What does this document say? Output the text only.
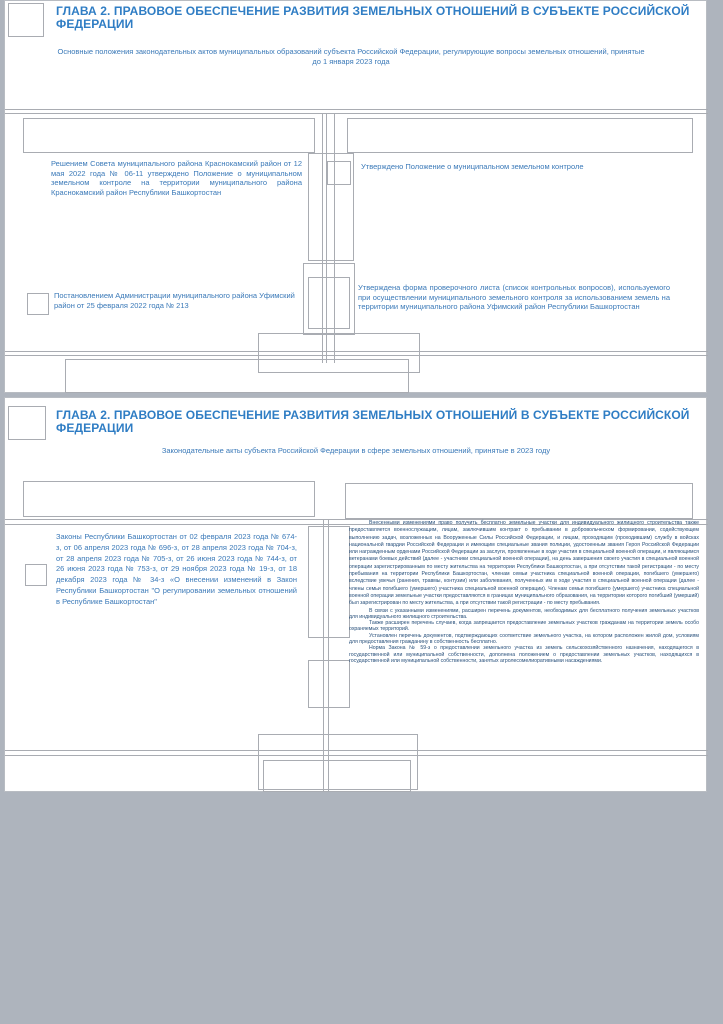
ГЛАВА 2. ПРАВОВОЕ ОБЕСПЕЧЕНИЕ РАЗВИТИЯ ЗЕМЕЛЬНЫХ ОТНОШЕНИЙ В СУБЪЕКТЕ РОССИЙСКОЙ ФЕДЕРАЦИИ

Основные положения законодательных актов муниципальных образований субъекта Российской Федерации, регулирующие вопросы земельных отношений, принятые до 1 января 2023 года

Решением Совета муниципального района Краснокамский район от 12 мая 2022 года № 06-11 утверждено Положение о муниципальном земельном контроле на территории муниципального района Краснокамский район Республики Башкортостан

Утверждено Положение о муниципальном земельном контроле

Постановлением Администрации муниципального района Уфимский район от 25 февраля 2022 года № 213

Утверждена форма проверочного листа (список контрольных вопросов), используемого при осуществлении муниципального земельного контроля за использованием земель на территории муниципального района Уфимский район Республики Башкортостан

ГЛАВА 2. ПРАВОВОЕ ОБЕСПЕЧЕНИЕ РАЗВИТИЯ ЗЕМЕЛЬНЫХ ОТНОШЕНИЙ В СУБЪЕКТЕ РОССИЙСКОЙ ФЕДЕРАЦИИ

Законодательные акты субъекта Российской Федерации в сфере земельных отношений, принятые в 2023 году

Законы Республики Башкортостан от 02 февраля 2023 года № 674-з, от 06 апреля 2023 года № 696-з, от 28 апреля 2023 года № 704-з, от 28 апреля 2023 года № 705-з, от 26 июня 2023 года № 744-з, от 26 июня 2023 года № 753-з, от 29 ноября 2023 года № 19-з, от 18 декабря 2023 года № 34-з «О внесении изменений в Закон Республики Башкортостан "О регулировании земельных отношений в Республике Башкортостан"

Внесенными изменениями право получить бесплатно земельные участки для индивидуального жилищного строительства также предоставляется военнослужащим, лицам, заключившим контракт о пребывании в добровольческом формировании, содействующем выполнению задач, возложенных на Вооруженные Силы Российской Федерации, и лицам, проходящим (проходившим) службу в войсках национальной гвардии Российской Федерации и имеющим специальные звания полиции, удостоенным звания Героя Российской Федерации или награжденным орденами Российской Федерации за заслуги, проявленные в ходе участия в специальной военной операции, и являющимся ветеранами боевых действий (далее - участники специальной военной операции), на день завершения своего участия в специальной военной операции зарегистрированным по месту жительства на территории Республики Башкортостан, а при отсутствии такой регистрации - по месту пребывания на территории Республики Башкортостан, членам семьи участника специальной военной операции, погибшего (умершего) вследствие увечья (ранения, травмы, контузии) или заболевания, полученных им в ходе участия в специальной военной операции (далее - члены семьи погибшего (умершего) участника специальной военной операции). Членам семьи погибшего (умершего) участника специальной военной операции земельные участки предоставляются в границах муниципального образования, на территории которого погибший (умерший) был зарегистрирован по месту жительства, а при отсутствии такой регистрации - по месту пребывания.

В связи с указанными изменениями, расширен перечень документов, необходимых для бесплатного получения земельных участков для индивидуального жилищного строительства.

Также расширен перечень случаев, когда запрещается предоставление земельных участков гражданам на территории земель особо охраняемых территорий.

Установлен перечень документов, подтверждающих соответствие земельного участка, на котором расположен жилой дом, условиям для предоставления гражданину в собственность бесплатно.

Норма Закона № 59-з о предоставлении земельного участка из земель сельскохозяйственного назначения, находящегося в государственной или муниципальной собственности, дополнена положением о предоставлении земельных участков, находящихся в государственной или муниципальной собственности, занятых агролесомелиоративными насаждениями.
